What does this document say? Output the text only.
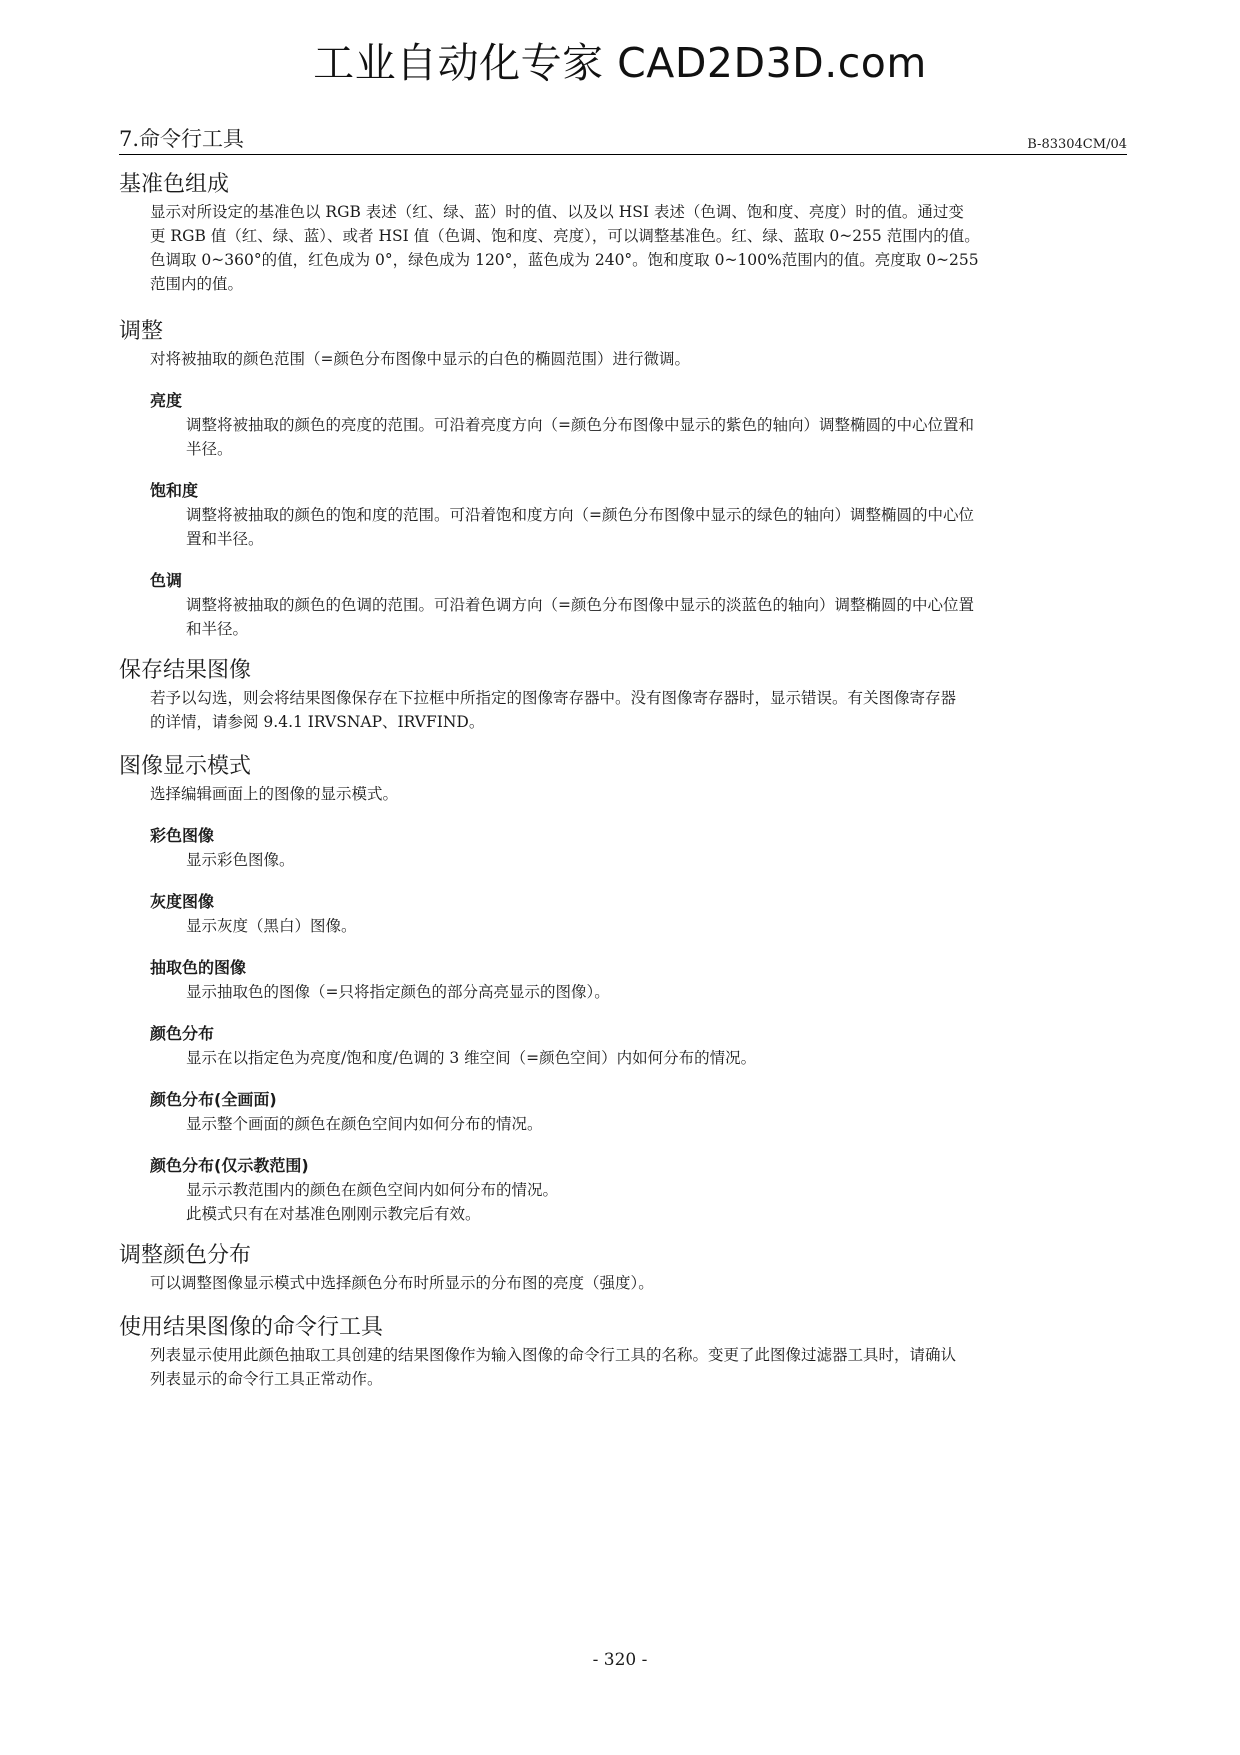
工业自动化专家 CAD2D3D.com
7.命令行工具	B-83304CM/04
基准色组成

显示对所设定的基准色以 RGB 表述（红、绿、蓝）时的值、以及以 HSI 表述（色调、饱和度、亮度）时的值。通过变
更 RGB 值（红、绿、蓝）、或者 HSI 值（色调、饱和度、亮度），可以调整基准色。红、绿、蓝取 0~255 范围内的值。
色调取 0~360°的值，红色成为 0°，绿色成为 120°，蓝色成为 240°。饱和度取 0~100%范围内的值。亮度取 0~255
范围内的值。

调整

对将被抽取的颜色范围（=颜色分布图像中显示的白色的椭圆范围）进行微调。

亮度

调整将被抽取的颜色的亮度的范围。可沿着亮度方向（=颜色分布图像中显示的紫色的轴向）调整椭圆的中心位置和
半径。

饱和度

调整将被抽取的颜色的饱和度的范围。可沿着饱和度方向（=颜色分布图像中显示的绿色的轴向）调整椭圆的中心位
置和半径。

色调

调整将被抽取的颜色的色调的范围。可沿着色调方向（=颜色分布图像中显示的淡蓝色的轴向）调整椭圆的中心位置
和半径。

保存结果图像

若予以勾选，则会将结果图像保存在下拉框中所指定的图像寄存器中。没有图像寄存器时，显示错误。有关图像寄存器
的详情，请参阅 9.4.1 IRVSNAP、IRVFIND。

图像显示模式

选择编辑画面上的图像的显示模式。

彩色图像

显示彩色图像。

灰度图像

显示灰度（黑白）图像。

抽取色的图像

显示抽取色的图像（=只将指定颜色的部分高亮显示的图像）。

颜色分布

显示在以指定色为亮度/饱和度/色调的 3 维空间（=颜色空间）内如何分布的情况。

颜色分布(全画面)

显示整个画面的颜色在颜色空间内如何分布的情况。

颜色分布(仅示教范围)

显示示教范围内的颜色在颜色空间内如何分布的情况。
此模式只有在对基准色刚刚示教完后有效。

调整颜色分布

可以调整图像显示模式中选择颜色分布时所显示的分布图的亮度（强度）。

使用结果图像的命令行工具

列表显示使用此颜色抽取工具创建的结果图像作为输入图像的命令行工具的名称。变更了此图像过滤器工具时，请确认
列表显示的命令行工具正常动作。

- 320 -
